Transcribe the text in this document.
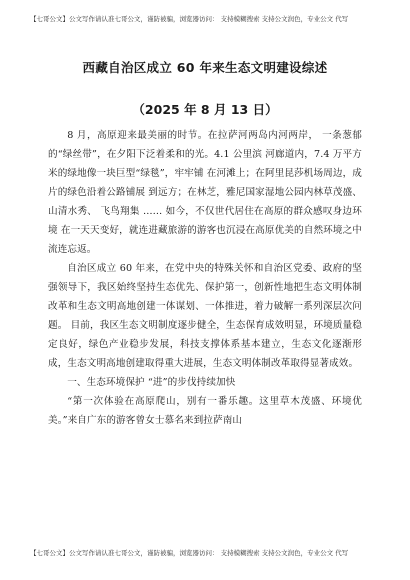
【七哥公文】公文写作请认准七哥公文，谨防被骗，浏览器访问： 支持模糊搜索 支持公文润色，专业公文 代写
西藏自治区成立 60 年来生态文明建设综述
（2025 年 8 月 13 日）

8 月，高原迎来最美丽的时节。在拉萨河两岛内河两岸， 一条葱郁的“绿丝带”，在夕阳下泛着柔和的光。4.1 公里滨 河廊道内，7.4 万平方米的绿地像一块巨型“绿毯”，牢牢铺 在河滩上；在阿里昆莎机场周边，成片的绿色沿着公路铺展 到远方；在林芝，雅尼国家湿地公园内林草茂盛、山清水秀、 飞鸟翔集 …… 如今，不仅世代居住在高原的群众感叹身边环境 在一天天变好，就连进藏旅游的游客也沉浸在高原优美的自然环境之中流连忘返。

自治区成立 60 年来，在党中央的特殊关怀和自治区党委、政府的坚强领导下，我区始终坚持生态优先、保护第一，创新性地把生态文明体制改革和生态文明高地创建一体谋划、一体推进，着力破解一系列深层次问题。 目前，我区生态文明制度逐步健全，生态保育成效明显，环境质量稳定良好，绿色产业稳步发展，科技支撑体系基本建立，生态文化逐渐形成，生态文明高地创建取得重大进展，生态文明体制改革取得显著成效。

一、生态环境保护 “进”的步伐持续加快

“第一次体验在高原爬山，别有一番乐趣。这里草木茂盛、环境优美。”来自广东的游客曾女士慕名来到拉萨南山

【七哥公文】公文写作请认准七哥公文，谨防被骗，浏览器访问： 支持模糊搜索 支持公文润色，专业公文 代写
